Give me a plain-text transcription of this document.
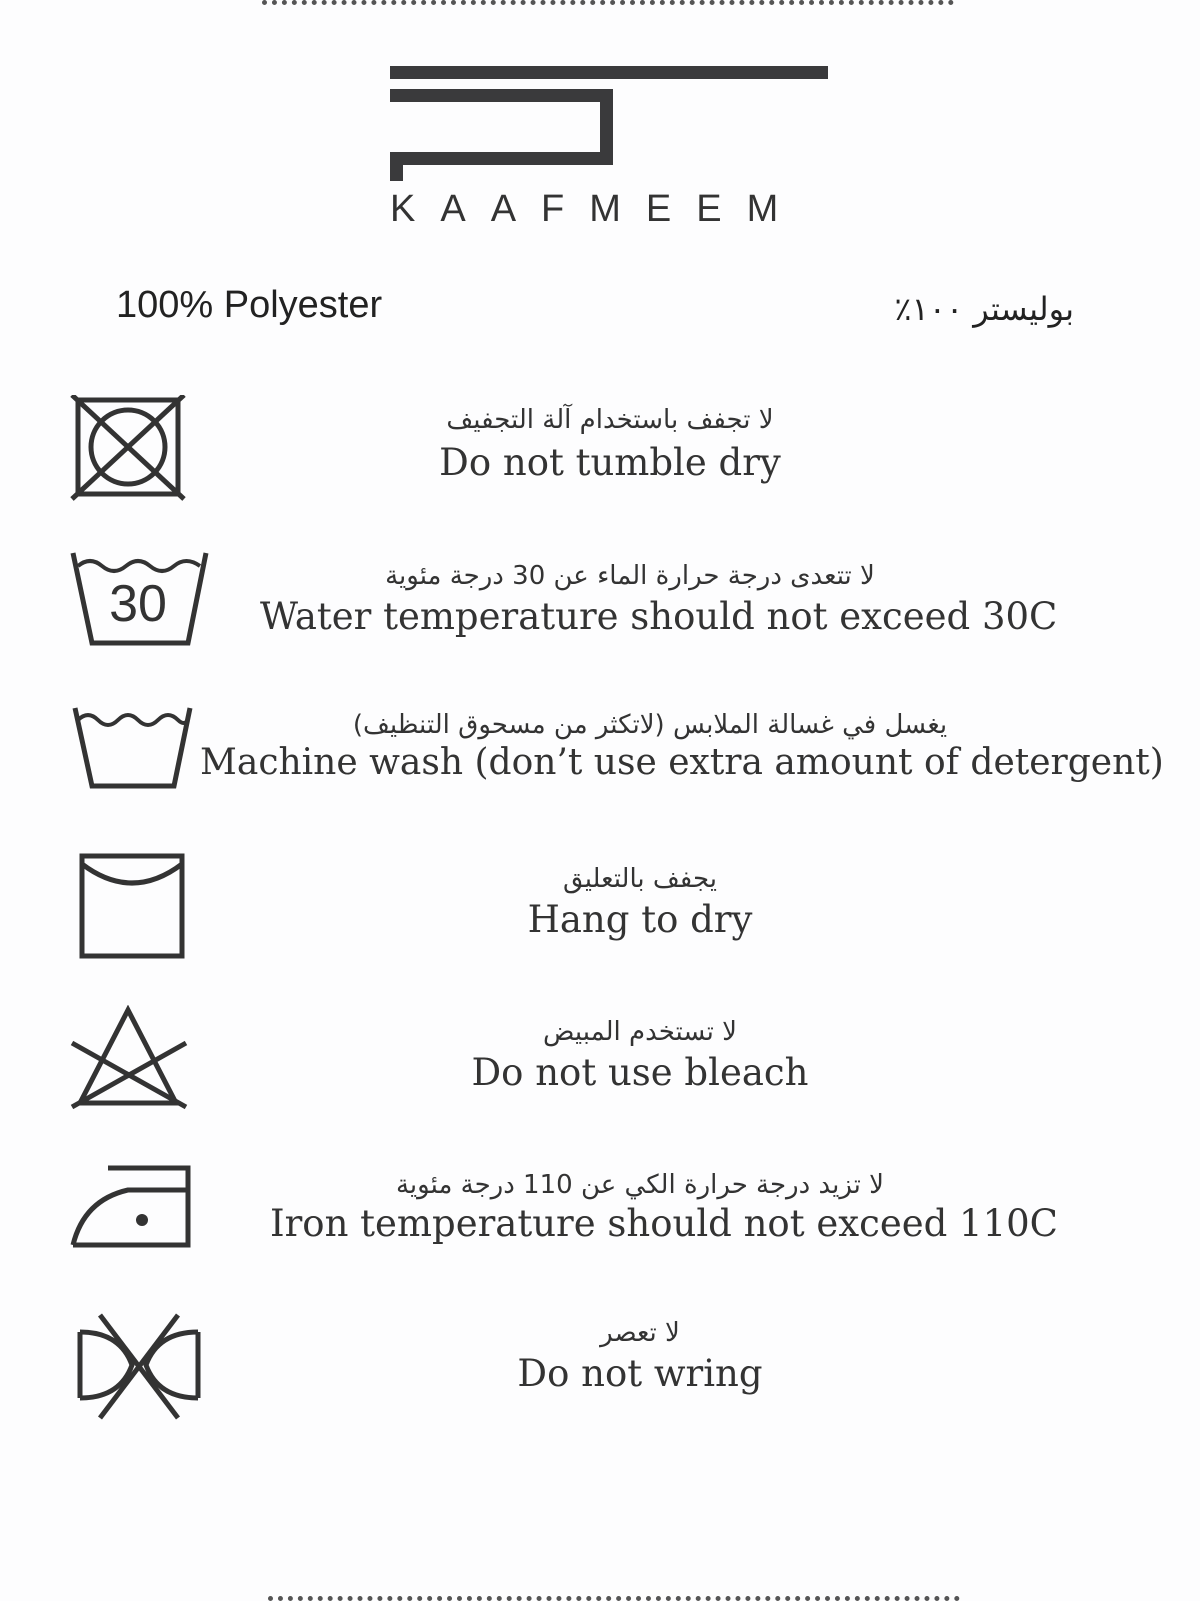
KAAFMEEM
100% Polyester	بوليستر ١٠٠٪
لا تجفف باستخدام آلة التجفيف
Do not tumble dry
30	لا تتعدى درجة حرارة الماء عن 30 درجة مئوية
Water temperature should not exceed 30C
يغسل في غسالة الملابس (لاتكثر من مسحوق التنظيف)
Machine wash (don’t use extra amount of detergent)
يجفف بالتعليق
Hang to dry
لا تستخدم المبيض
Do not use bleach
لا تزيد درجة حرارة الكي عن 110 درجة مئوية
Iron temperature should not exceed 110C
لا تعصر
Do not wring
